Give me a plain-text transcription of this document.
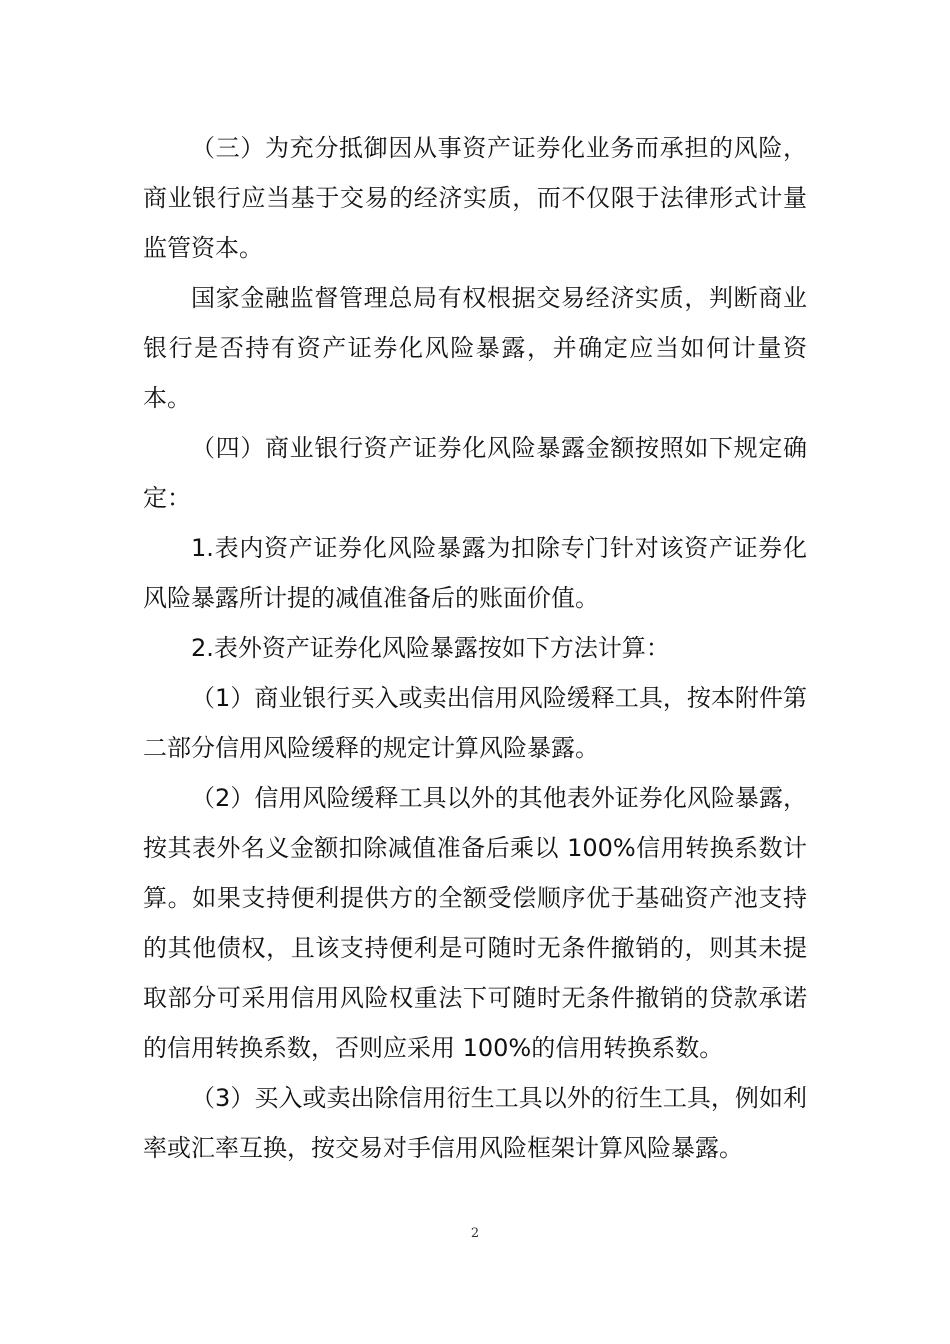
（三）为充分抵御因从事资产证券化业务而承担的风险，商业银行应当基于交易的经济实质，而不仅限于法律形式计量监管资本。

国家金融监督管理总局有权根据交易经济实质，判断商业银行是否持有资产证券化风险暴露，并确定应当如何计量资本。

（四）商业银行资产证券化风险暴露金额按照如下规定确定：

1.表内资产证券化风险暴露为扣除专门针对该资产证券化风险暴露所计提的减值准备后的账面价值。

2.表外资产证券化风险暴露按如下方法计算：

（1）商业银行买入或卖出信用风险缓释工具，按本附件第二部分信用风险缓释的规定计算风险暴露。

（2）信用风险缓释工具以外的其他表外证券化风险暴露，按其表外名义金额扣除减值准备后乘以 100%信用转换系数计算。如果支持便利提供方的全额受偿顺序优于基础资产池支持的其他债权，且该支持便利是可随时无条件撤销的，则其未提取部分可采用信用风险权重法下可随时无条件撤销的贷款承诺的信用转换系数，否则应采用 100%的信用转换系数。

（3）买入或卖出除信用衍生工具以外的衍生工具，例如利率或汇率互换，按交易对手信用风险框架计算风险暴露。

2
